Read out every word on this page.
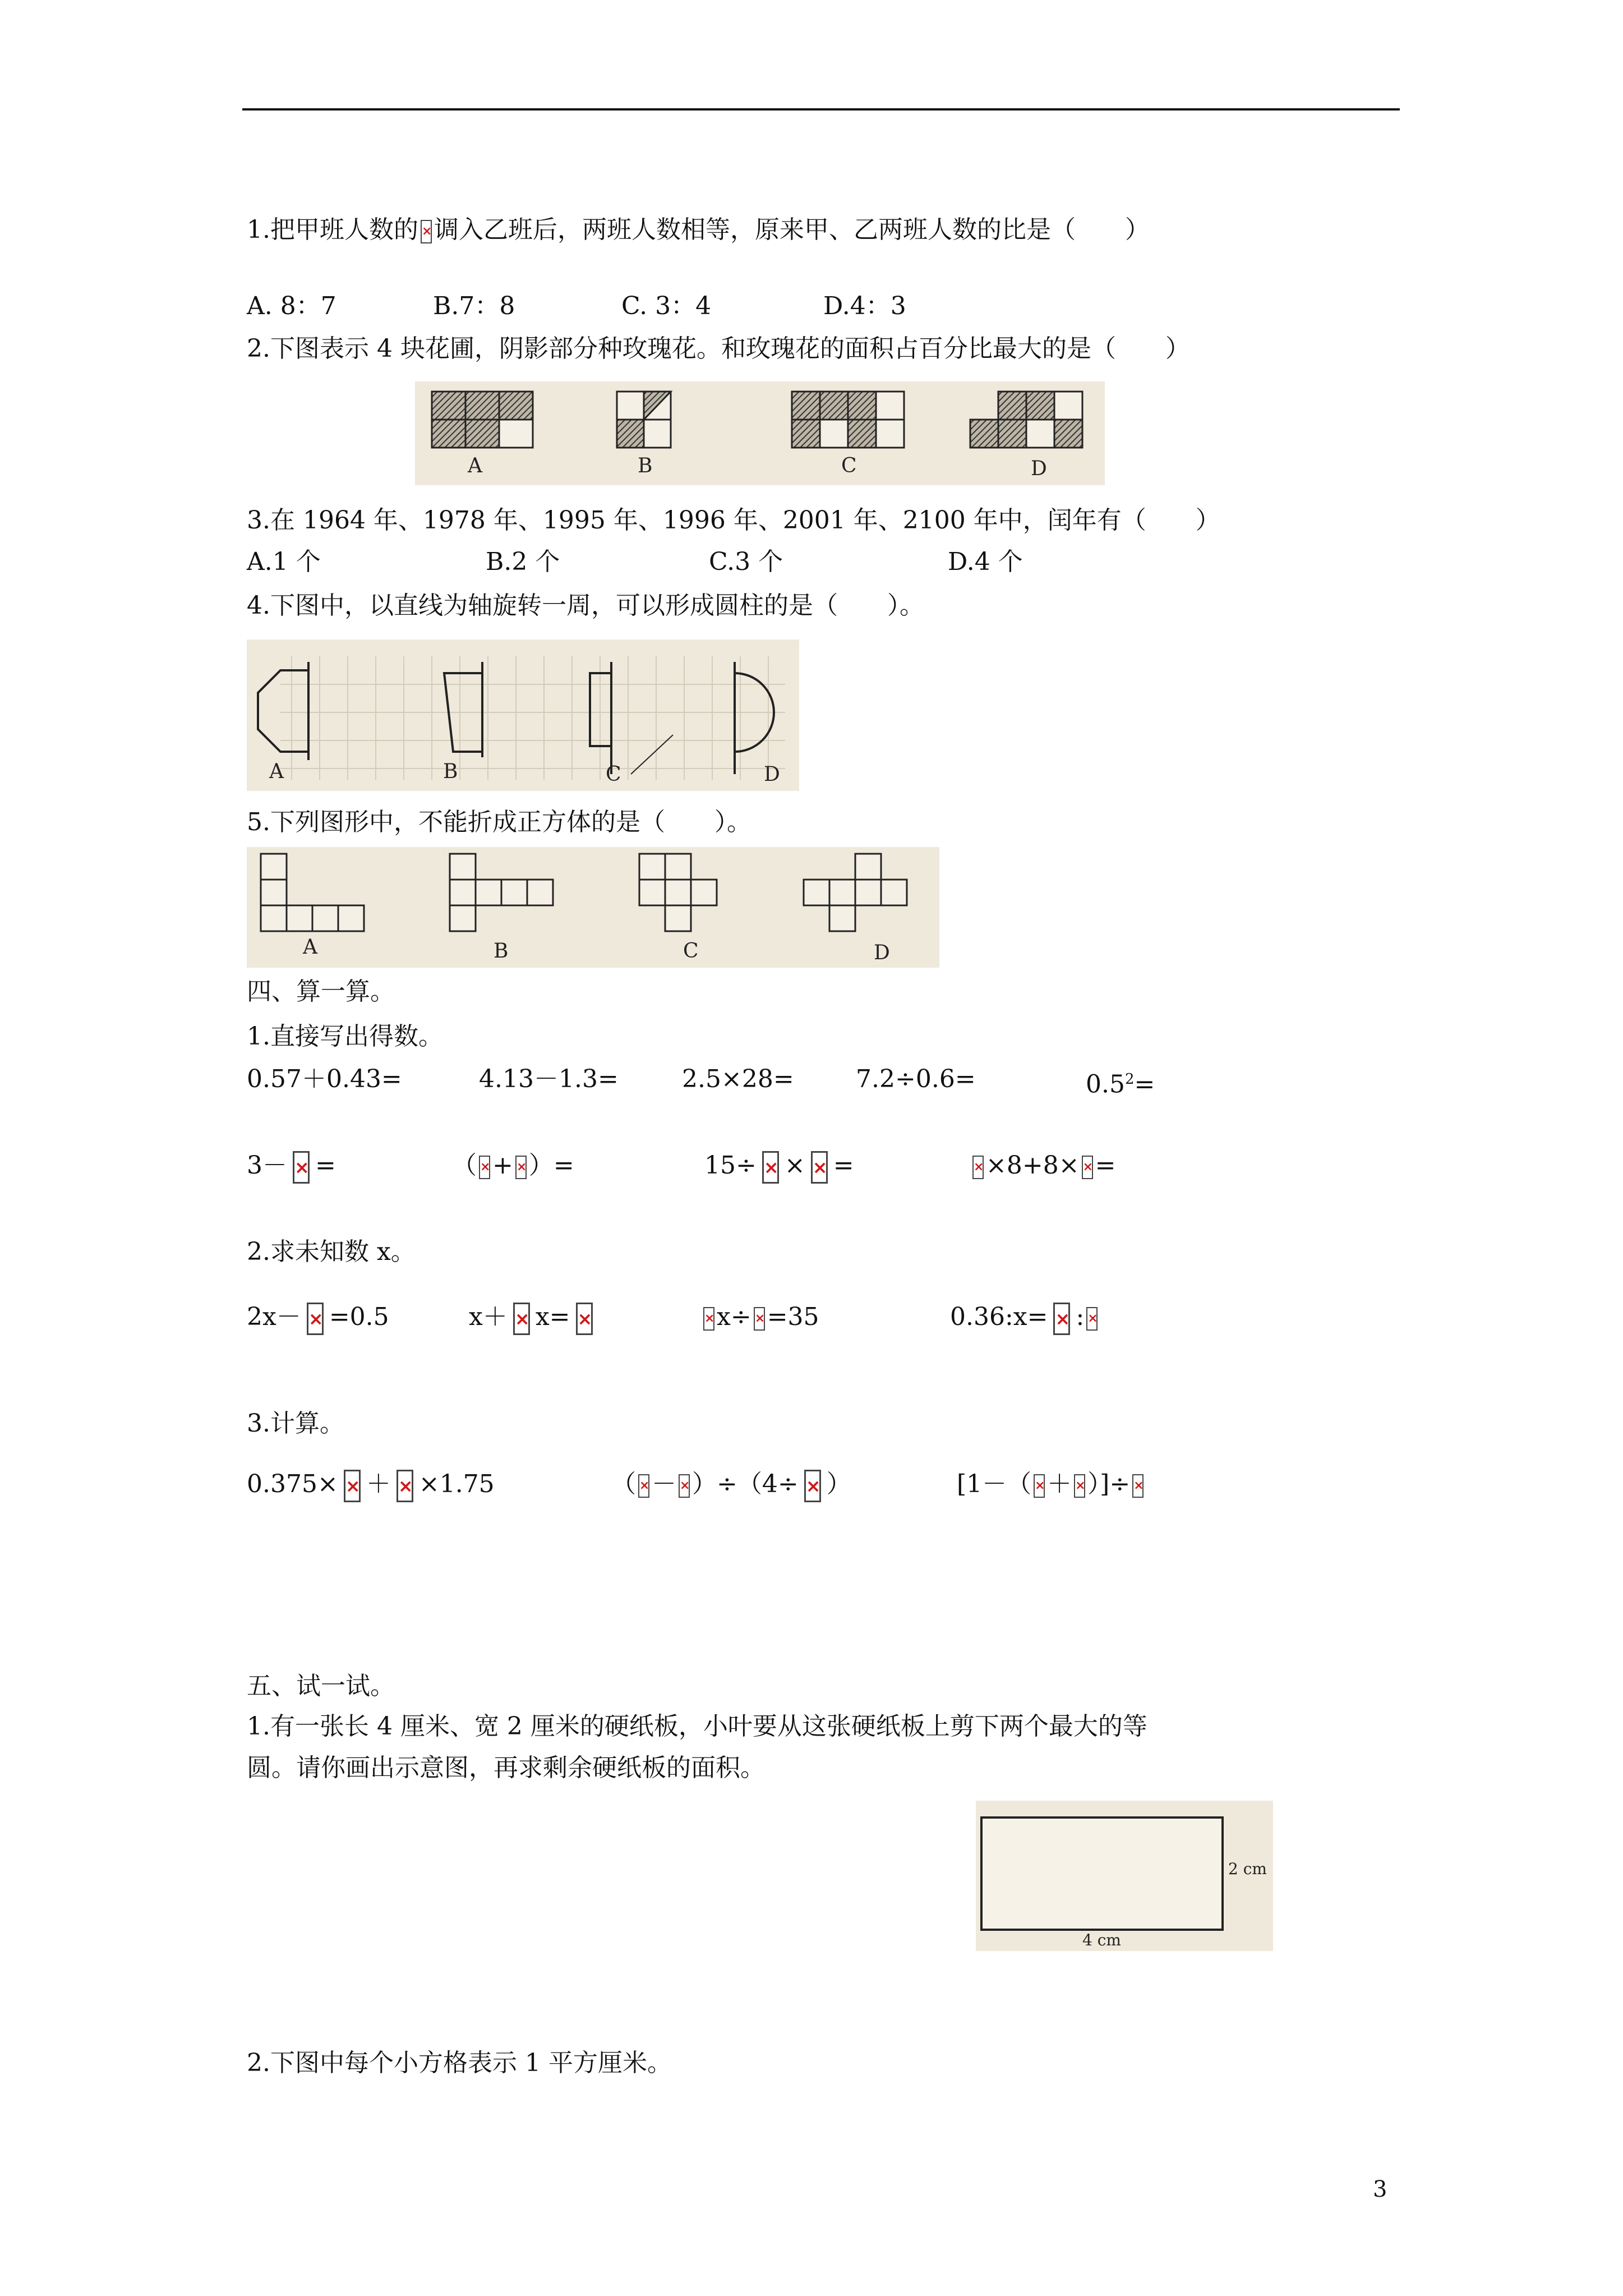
1.把甲班人数的 × 调入乙班后，两班人数相等，原来甲、乙两班人数的比是（　　）
A. 8：7	B.7：8	C. 3：4	D.4：3
2.下图表示 4 块花圃，阴影部分种玫瑰花。和玫瑰花的面积占百分比最大的是（　　）
A	B	C	D
3.在 1964 年、1978 年、1995 年、1996 年、2001 年、2100 年中，闰年有（　　）
A.1 个	B.2 个	C.3 个	D.4 个
4.下图中，以直线为轴旋转一周，可以形成圆柱的是（　　）。
A	B	C	D
5.下列图形中，不能折成正方体的是（　　）。
A	B	C	D
四、算一算。
1.直接写出得数。
0.57＋0.43=	4.13－1.3=	2.5×28=	7.2÷0.6=	$0.5^2=$
3－ × =	（ × + × ）=	15÷ × × × = ×	×8+8× × =
2.求未知数 x。
2x－ × =0.5	x＋ × x= × ×	x÷ × =35	0.36:x= × :×
3.计算。
0.375× × ＋ × ×1.75	（ × － × ）÷（4÷ × ）	[1－（ × ＋ × ）]÷×
五、试一试。
1.有一张长 4 厘米、宽 2 厘米的硬纸板，小叶要从这张硬纸板上剪下两个最大的等
圆。请你画出示意图，再求剩余硬纸板的面积。
2 cm
4 cm
2.下图中每个小方格表示 1 平方厘米。
3
